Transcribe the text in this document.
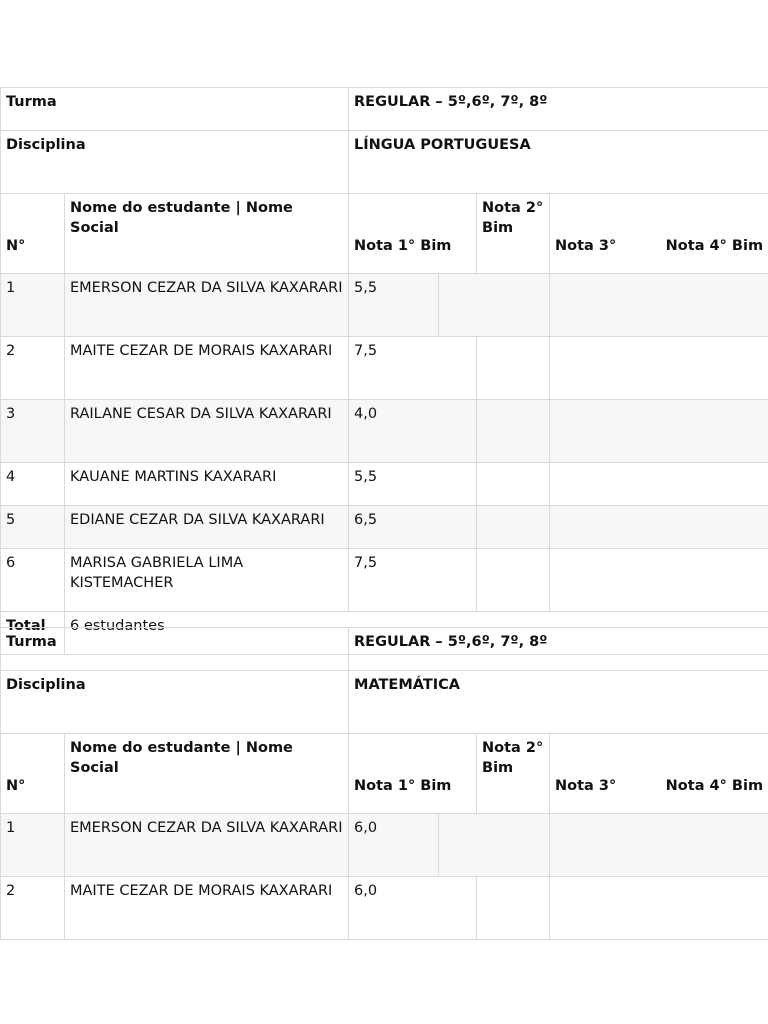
Turma		REGULAR – 5º,6º, 7º, 8º			
Disciplina		LÍNGUA PORTUGUESA			
N°	Nome do estudante | Nome Social	Nota 1° Bim		Nota 2° Bim	Nota 3° Nota 4° Bim

1	EMERSON CEZAR DA SILVA KAXARARI	5,5			
2	MAITE CEZAR DE MORAIS KAXARARI	7,5			
3	RAILANE CESAR DA SILVA KAXARARI	4,0			
4	KAUANE MARTINS KAXARARI	5,5			
5	EDIANE CEZAR DA SILVA KAXARARI	6,5			
6	MARISA GABRIELA LIMA KISTEMACHER	7,5			
Total	6 estudantes				
Turma		REGULAR – 5º,6º, 7º, 8º			
Disciplina		MATEMÁTICA			
N°	Nome do estudante | Nome Social	Nota 1° Bim		Nota 2° Bim	Nota 3° Nota 4° Bim

1	EMERSON CEZAR DA SILVA KAXARARI	6,0			
2	MAITE CEZAR DE MORAIS KAXARARI	6,0			
